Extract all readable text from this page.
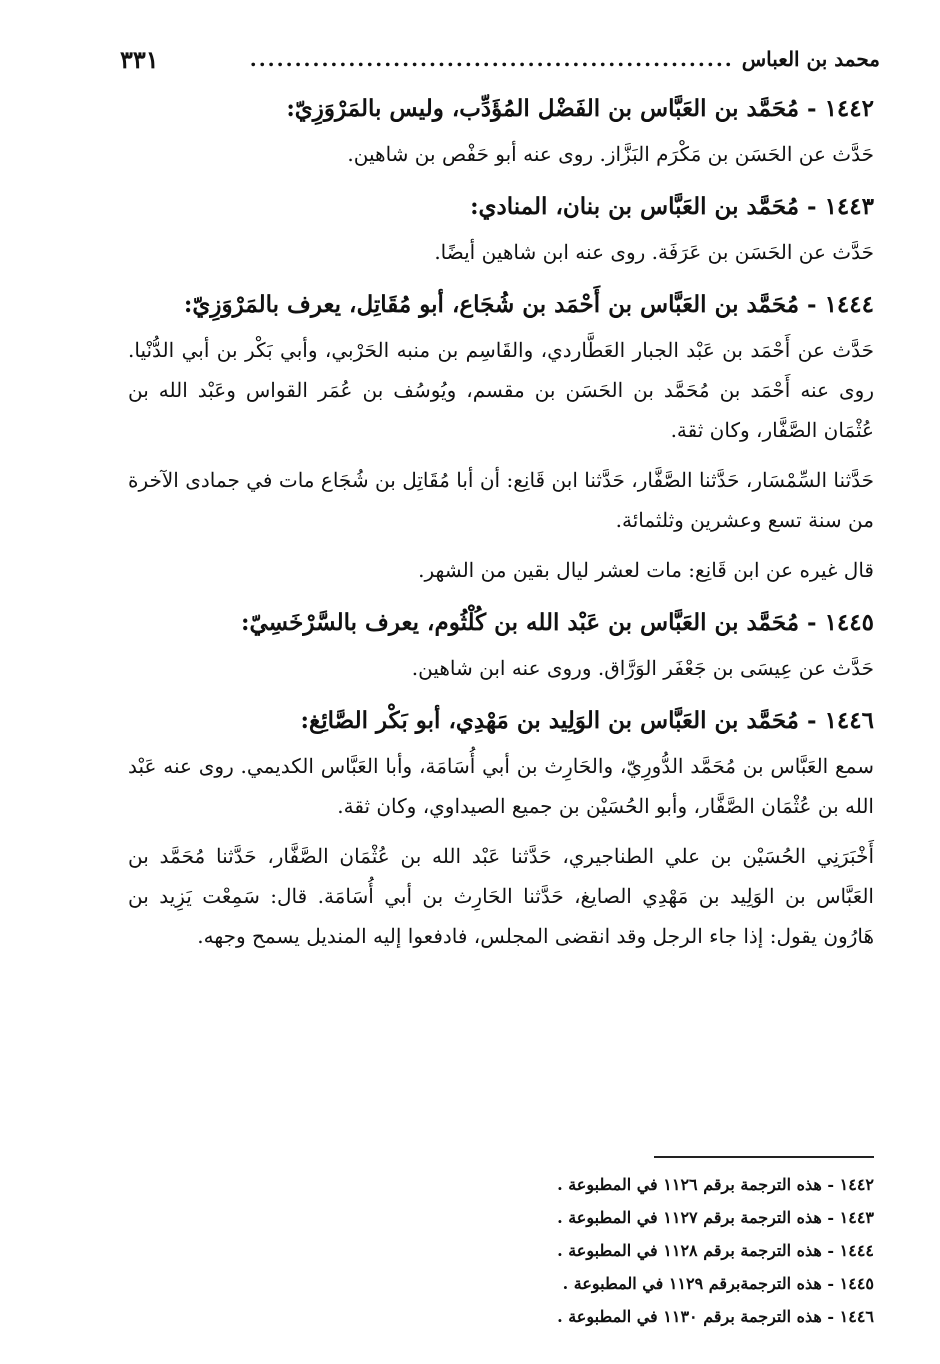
محمد بن العباس
......................................................
٣٣١
١٤٤٢ - مُحَمَّد بن العَبَّاس بن الفَضْل المُؤَدِّب، وليس بالمَرْوَزِيّ:
حَدَّث عن الحَسَن بن مَكْرَم البَزَّاز. روى عنه أبو حَفْص بن شاهين.
١٤٤٣ - مُحَمَّد بن العَبَّاس بن بنان، المنادي:
حَدَّث عن الحَسَن بن عَرَفَة. روى عنه ابن شاهين أيضًا.
١٤٤٤ - مُحَمَّد بن العَبَّاس بن أَحْمَد بن شُجَاع، أبو مُقَاتِل، يعرف بالمَرْوَزِيّ:
حَدَّث عن أَحْمَد بن عَبْد الجبار العَطَّاردي، والقَاسِم بن منبه الحَرْبي، وأبي بَكْر بن أبي الدُّنْيا. روى عنه أَحْمَد بن مُحَمَّد بن الحَسَن بن مقسم، ويُوسُف بن عُمَر القواس وعَبْد الله بن عُثْمَان الصَّفَّار، وكان ثقة.
حَدَّثنا السِّمْسَار، حَدَّثنا الصَّفَّار، حَدَّثنا ابن قَانِع: أن أبا مُقَاتِل بن شُجَاع مات في جمادى الآخرة من سنة تسع وعشرين وثلثمائة.
قال غيره عن ابن قَانِع: مات لعشر ليال بقين من الشهر.
١٤٤٥ - مُحَمَّد بن العَبَّاس بن عَبْد الله بن كُلْثُوم، يعرف بالسَّرْخَسِيّ:
حَدَّث عن عِيسَى بن جَعْفَر الوَرَّاق. وروى عنه ابن شاهين.
١٤٤٦ - مُحَمَّد بن العَبَّاس بن الوَلِيد بن مَهْدِي، أبو بَكْر الصَّائِغ:
سمع العَبَّاس بن مُحَمَّد الدُّورِيّ، والحَارِث بن أبي أُسَامَة، وأبا العَبَّاس الكديمي. روى عنه عَبْد الله بن عُثْمَان الصَّفَّار، وأبو الحُسَيْن بن جميع الصيداوي، وكان ثقة.
أَخْبَرَنِي الحُسَيْن بن علي الطناجيري، حَدَّثنا عَبْد الله بن عُثْمَان الصَّفَّار، حَدَّثنا مُحَمَّد بن العَبَّاس بن الوَلِيد بن مَهْدِي الصايغ، حَدَّثنا الحَارِث بن أبي أُسَامَة. قال: سَمِعْت يَزِيد بن هَارُون يقول: إذا جاء الرجل وقد انقضى المجلس، فادفعوا إليه المنديل يسمح وجهه.
١٤٤٢ - هذه الترجمة برقم ١١٢٦ في المطبوعة .
١٤٤٣ - هذه الترجمة برقم ١١٢٧ في المطبوعة .
١٤٤٤ - هذه الترجمة برقم ١١٢٨ في المطبوعة .
١٤٤٥ - هذه الترجمةبرقم ١١٢٩ في المطبوعة .
١٤٤٦ - هذه الترجمة برقم ١١٣٠ في المطبوعة .
